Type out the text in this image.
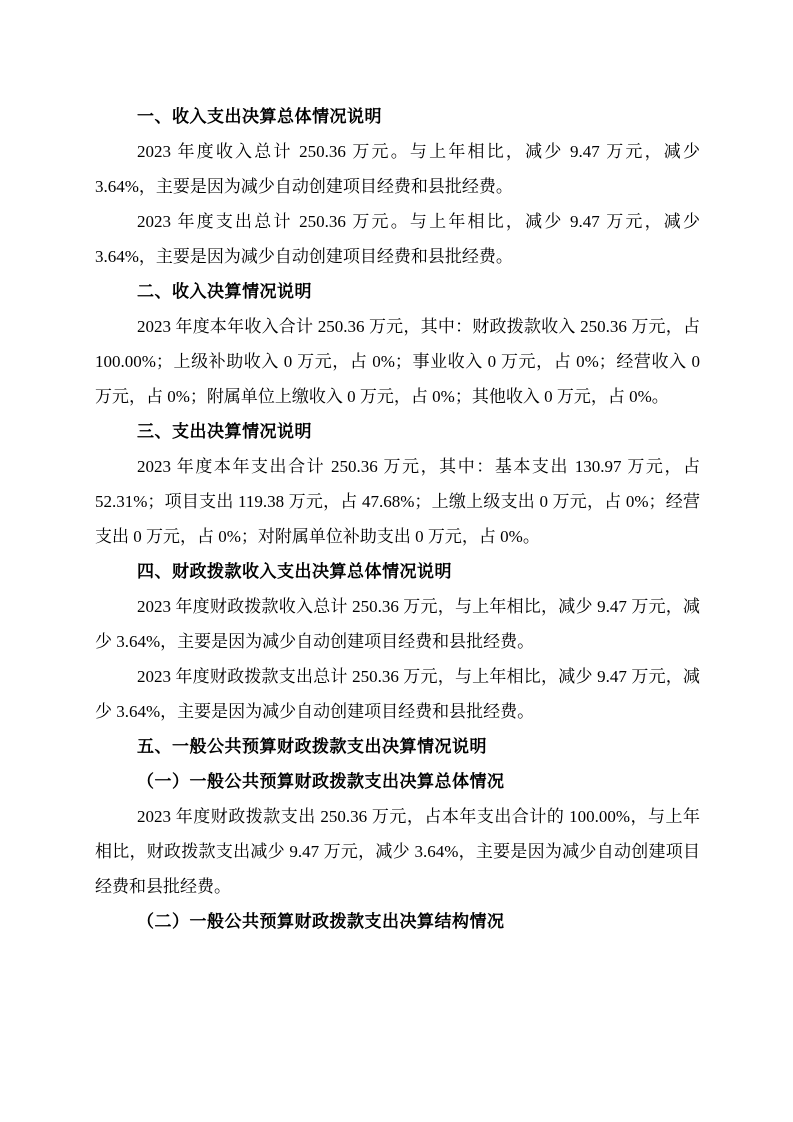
一、收入支出决算总体情况说明

2023 年度收入总计 250.36 万元。与上年相比，减少 9.47 万元，减少 3.64%，主要是因为减少自动创建项目经费和县批经费。

2023 年度支出总计 250.36 万元。与上年相比，减少 9.47 万元，减少 3.64%，主要是因为减少自动创建项目经费和县批经费。

二、收入决算情况说明

2023 年度本年收入合计 250.36 万元，其中：财政拨款收入 250.36 万元，占 100.00%；上级补助收入 0 万元，占 0%；事业收入 0 万元，占 0%；经营收入 0 万元，占 0%；附属单位上缴收入 0 万元，占 0%；其他收入 0 万元，占 0%。

三、支出决算情况说明

2023 年度本年支出合计 250.36 万元，其中：基本支出 130.97 万元，占 52.31%；项目支出 119.38 万元，占 47.68%；上缴上级支出 0 万元，占 0%；经营支出 0 万元，占 0%；对附属单位补助支出 0 万元，占 0%。

四、财政拨款收入支出决算总体情况说明

2023 年度财政拨款收入总计 250.36 万元，与上年相比，减少 9.47 万元，减少 3.64%，主要是因为减少自动创建项目经费和县批经费。

2023 年度财政拨款支出总计 250.36 万元，与上年相比，减少 9.47 万元，减少 3.64%，主要是因为减少自动创建项目经费和县批经费。

五、一般公共预算财政拨款支出决算情况说明

（一）一般公共预算财政拨款支出决算总体情况

2023 年度财政拨款支出 250.36 万元，占本年支出合计的 100.00%，与上年相比，财政拨款支出减少 9.47 万元，减少 3.64%，主要是因为减少自动创建项目经费和县批经费。

（二）一般公共预算财政拨款支出决算结构情况
